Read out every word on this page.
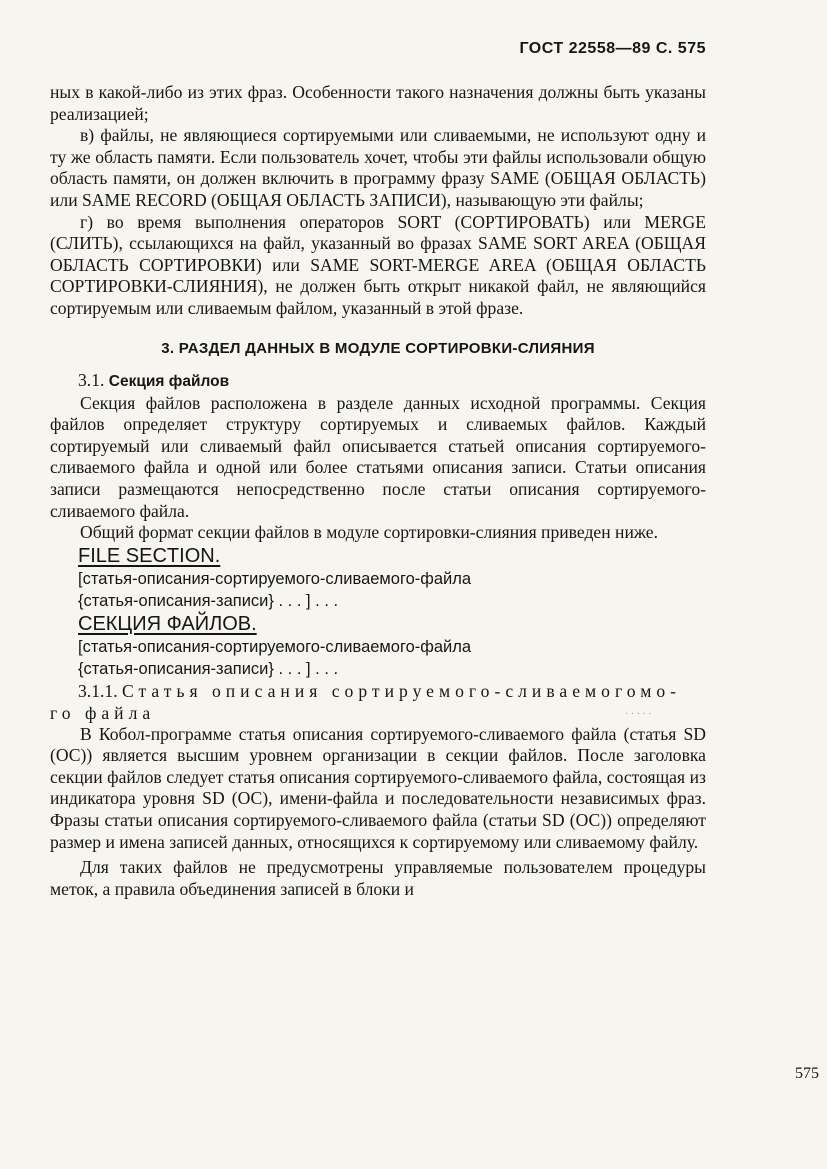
ГОСТ 22558—89 С. 575

ных в какой-либо из этих фраз. Особенности такого назначения должны быть указаны реализацией;

в) файлы, не являющиеся сортируемыми или сливаемыми, не используют одну и ту же область памяти. Если пользователь хочет, чтобы эти файлы использовали общую область памяти, он должен включить в программу фразу SAME (ОБЩАЯ ОБЛАСТЬ) или SAME RECORD (ОБЩАЯ ОБЛАСТЬ ЗАПИСИ), называющую эти файлы;

г) во время выполнения операторов SORT (СОРТИРОВАТЬ) или MERGE (СЛИТЬ), ссылающихся на файл, указанный во фразах SAME SORT AREA (ОБЩАЯ ОБЛАСТЬ СОРТИРОВКИ) или SAME SORT-MERGE AREA (ОБЩАЯ ОБЛАСТЬ СОРТИРОВКИ-СЛИЯНИЯ), не должен быть открыт никакой файл, не являющийся сортируемым или сливаемым файлом, указанный в этой фразе.

3. РАЗДЕЛ ДАННЫХ В МОДУЛЕ СОРТИРОВКИ-СЛИЯНИЯ
3.1. Секция файлов

Секция файлов расположена в разделе данных исходной программы. Секция файлов определяет структуру сортируемых и сливаемых файлов. Каждый сортируемый или сливаемый файл описывается статьей описания сортируемого-сливаемого файла и одной или более статьями описания записи. Статьи описания записи размещаются непосредственно после статьи описания сортируемого-сливаемого файла.

Общий формат секции файлов в модуле сортировки-слияния приведен ниже.

FILE SECTION.
[статья-описания-сортируемого-сливаемого-файла
{статья-описания-записи} . . . ] . . .
СЕКЦИЯ ФАЙЛОВ.
[статья-описания-сортируемого-сливаемого-файла
{статья-описания-записи} . . . ] . . .
3.1.1. Статья описания сортируемого-сливаемогомо-
го файла

В Кобол-программе статья описания сортируемого-сливаемого файла (статья SD (ОС)) является высшим уровнем организации в секции файлов. После заголовка секции файлов следует статья описания сортируемого-сливаемого файла, состоящая из индикатора уровня SD (ОС), имени-файла и последовательности независимых фраз. Фразы статьи описания сортируемого-сливаемого файла (статьи SD (ОС)) определяют размер и имена записей данных, относящихся к сортируемому или сливаемому файлу.

Для таких файлов не предусмотрены управляемые пользователем процедуры меток, а правила объединения записей в блоки и

575
· · · · ·
